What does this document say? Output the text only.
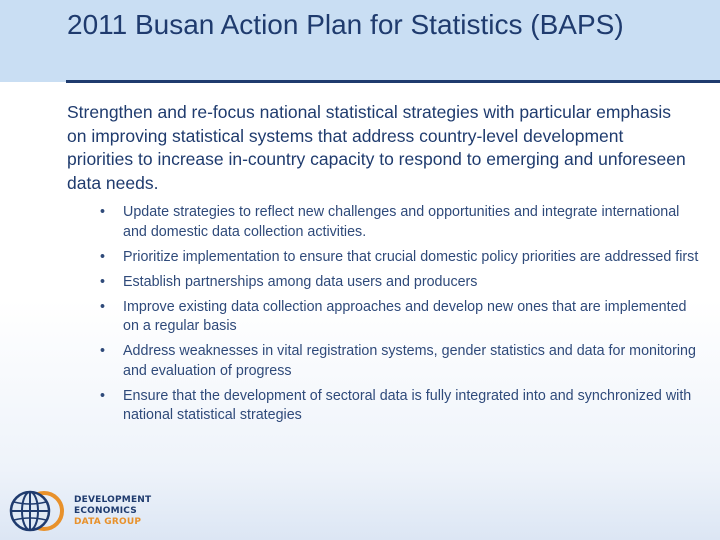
2011 Busan Action Plan for Statistics (BAPS)

Strengthen and re-focus national statistical strategies with particular emphasis on improving statistical systems that address country-level development priorities to increase in-country capacity to respond to emerging and unforeseen data needs.

•	Update strategies to reflect new challenges and opportunities and integrate international and domestic data collection activities.
•	Prioritize implementation to ensure that crucial domestic policy priorities are addressed first
•	Establish partnerships among data users and producers
•	Improve existing data collection approaches and develop new ones that are implemented on a regular basis
•	Address weaknesses in vital registration systems, gender statistics and data for monitoring and evaluation of progress
•	Ensure that the development of sectoral data is fully integrated into and synchronized with national statistical strategies
DEVELOPMENT ECONOMICS
DATA GROUP
